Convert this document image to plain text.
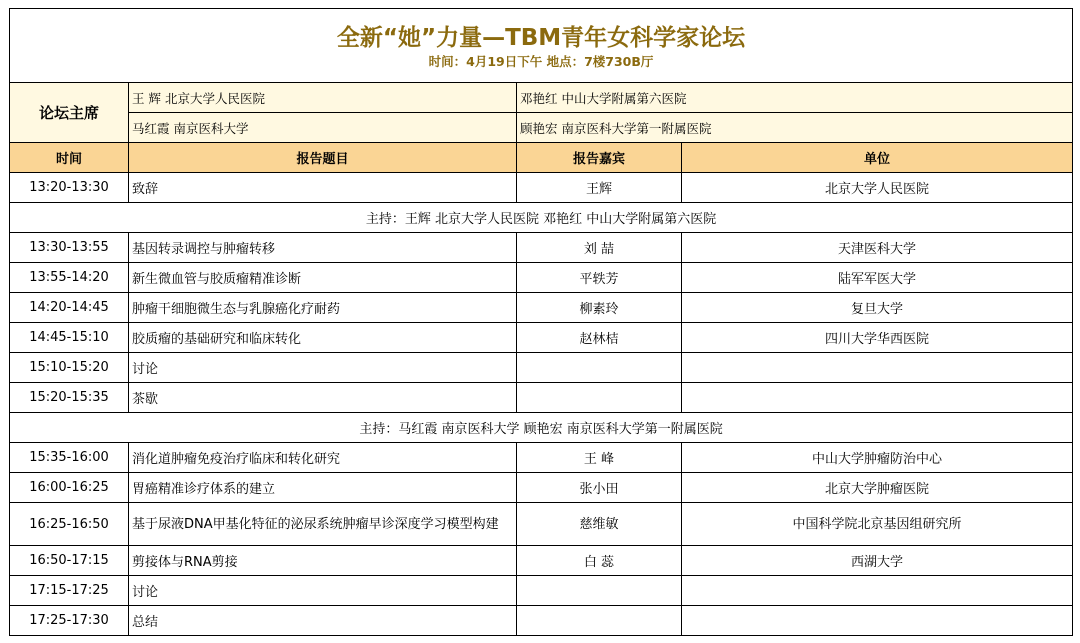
全新“她”力量—TBM青年女科学家论坛
时间：4月19日下午 地点：7楼730B厅			

论坛主席	王 辉 北京大学人民医院	邓艳红 中山大学附属第六医院	
	马红霞 南京医科大学	顾艳宏 南京医科大学第一附属医院	
时间	报告题目	报告嘉宾	单位
13:20-13:30	致辞	王辉	北京大学人民医院
主持：王辉 北京大学人民医院 邓艳红 中山大学附属第六医院			
13:30-13:55	基因转录调控与肿瘤转移	刘 喆	天津医科大学
13:55-14:20	新生微血管与胶质瘤精准诊断	平轶芳	陆军军医大学
14:20-14:45	肿瘤干细胞微生态与乳腺癌化疗耐药	柳素玲	复旦大学
14:45-15:10	胶质瘤的基础研究和临床转化	赵林桔	四川大学华西医院
15:10-15:20	讨论		
15:20-15:35	茶歇		
主持：马红霞 南京医科大学 顾艳宏 南京医科大学第一附属医院			
15:35-16:00	消化道肿瘤免疫治疗临床和转化研究	王 峰	中山大学肿瘤防治中心
16:00-16:25	胃癌精准诊疗体系的建立	张小田	北京大学肿瘤医院
16:25-16:50	基于尿液DNA甲基化特征的泌尿系统肿瘤早诊深度学习模型构建	慈维敏	中国科学院北京基因组研究所
16:50-17:15	剪接体与RNA剪接	白 蕊	西湖大学
17:15-17:25	讨论		
17:25-17:30	总结		
